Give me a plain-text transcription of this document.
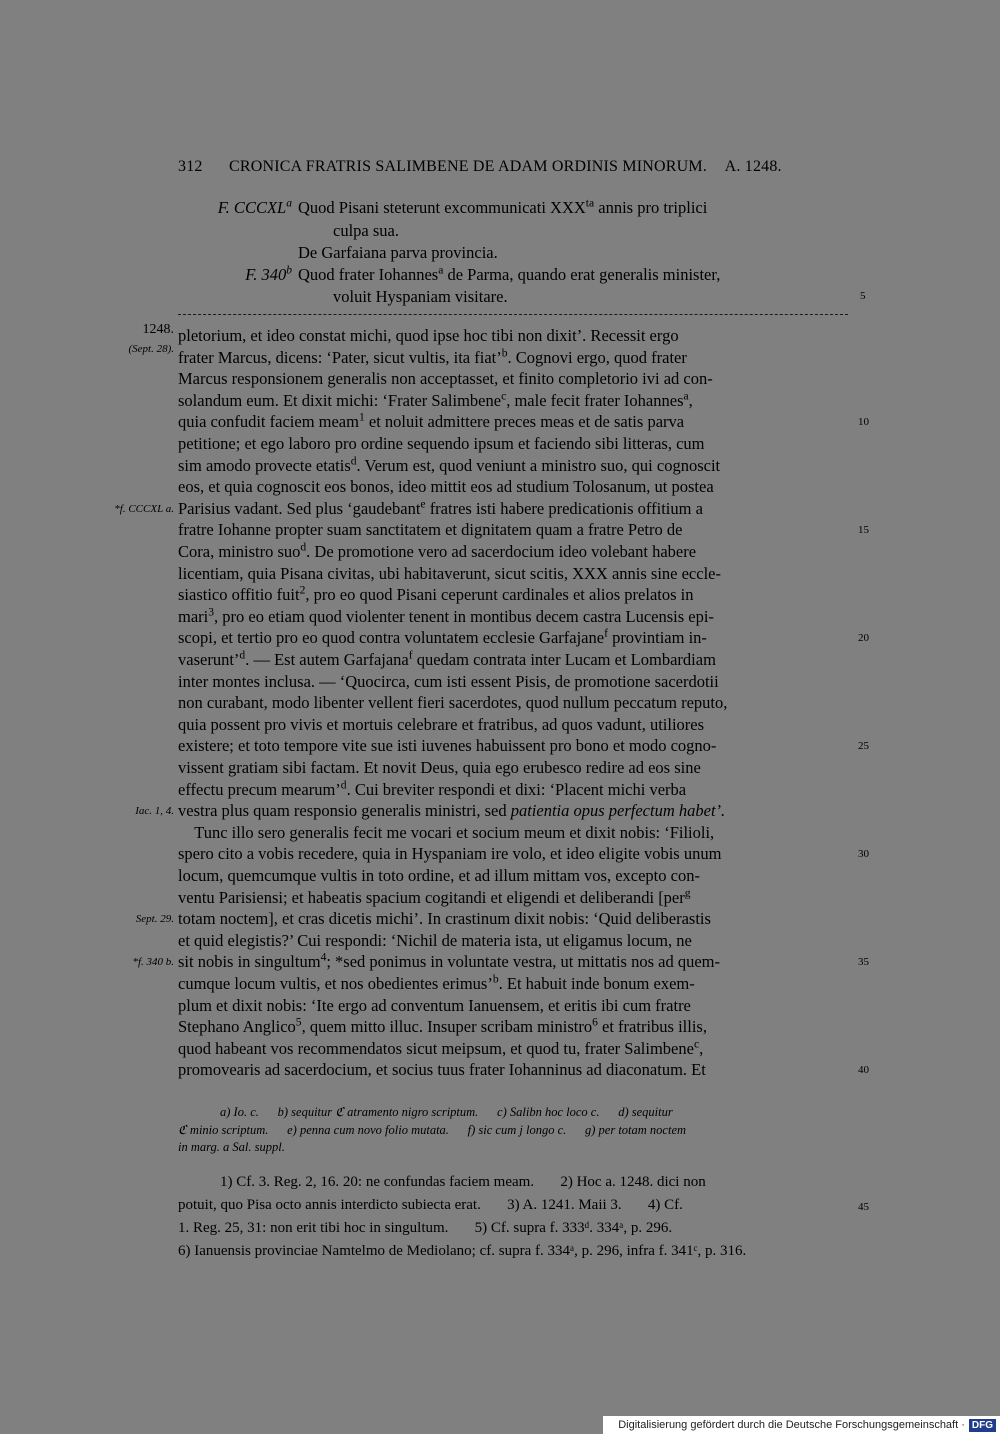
312 CRONICA FRATRIS SALIMBENE DE ADAM ORDINIS MINORUM. A. 1248.
F. CCCXL$^a$ Quod Pisani steterunt excommunicati $XXX^{ta}$ annis pro triplici
culpa sua.
De Garfaiana parva provincia.
F. 340$^b$ Quod frater Iohannes$^a$ de Parma, quando erat generalis minister,
voluit Hyspaniam visitare.	5
1248.
(Sept. 28).
*f. CCCXL a.
Iac. 1, 4.
Sept. 29.
*f. 340 b.
pletorium, et ideo constat michi, quod ipse hoc tibi non dixit’. Recessit ergo
frater Marcus, dicens: ‘Pater, sicut vultis, ita fiat’$^b$. Cognovi ergo, quod frater
Marcus responsionem generalis non acceptasset, et finito completorio ivi ad con-
solandum eum. Et dixit michi: ‘Frater Salimbene$^c$, male fecit frater Iohannes$^a$,
quia confudit faciem meam$^1$ et noluit admittere preces meas et de satis parva	10
petitione; et ego laboro pro ordine sequendo ipsum et faciendo sibi litteras, cum
sim amodo provecte etatis$^d$. Verum est, quod veniunt a ministro suo, qui cognoscit
eos, et quia cognoscit eos bonos, ideo mittit eos ad studium Tolosanum, ut postea
Parisius vadant. Sed plus ‘gaudebant$^e$ fratres isti habere predicationis offitium a
fratre Iohanne propter suam sanctitatem et dignitatem quam a fratre Petro de	15
Cora, ministro suo$^d$. De promotione vero ad sacerdocium ideo volebant habere
licentiam, quia Pisana civitas, ubi habitaverunt, sicut scitis, XXX annis sine eccle-
siastico offitio fuit$^2$, pro eo quod Pisani ceperunt cardinales et alios prelatos in
mari$^3$, pro eo etiam quod violenter tenent in montibus decem castra Lucensis epi-
scopi, et tertio pro eo quod contra voluntatem ecclesie Garfajane$^f$ provintiam in-	20
vaserunt’$^d$. — Est autem Garfajana$^f$ quedam contrata inter Lucam et Lombardiam
inter montes inclusa. — ‘Quocirca, cum isti essent Pisis, de promotione sacerdotii
non curabant, modo libenter vellent fieri sacerdotes, quod nullum peccatum reputo,
quia possent pro vivis et mortuis celebrare et fratribus, ad quos vadunt, utiliores
existere; et toto tempore vite sue isti iuvenes habuissent pro bono et modo cogno-	25
vissent gratiam sibi factam. Et novit Deus, quia ego erubesco redire ad eos sine
effectu precum mearum’$^d$. Cui breviter respondi et dixi: ‘Placent michi verba
vestra plus quam responsio generalis ministri, sed patientia opus perfectum habet’.
Tunc illo sero generalis fecit me vocari et socium meum et dixit nobis: ‘Filioli,
spero cito a vobis recedere, quia in Hyspaniam ire volo, et ideo eligite vobis unum	30
locum, quemcumque vultis in toto ordine, et ad illum mittam vos, excepto con-
ventu Parisiensi; et habeatis spacium cogitandi et eligendi et deliberandi [per$^g$
totam noctem], et cras dicetis michi’. In crastinum dixit nobis: ‘Quid deliberastis
et quid elegistis?’ Cui respondi: ‘Nichil de materia ista, ut eligamus locum, ne
sit nobis in singultum$^4$; *sed ponimus in voluntate vestra, ut mittatis nos ad quem-	35
cumque locum vultis, et nos obedientes erimus’$^b$. Et habuit inde bonum exem-
plum et dixit nobis: ‘Ite ergo ad conventum Ianuensem, et eritis ibi cum fratre
Stephano Anglico$^5$, quem mitto illuc. Insuper scribam ministro$^6$ et fratribus illis,
quod habeant vos recommendatos sicut meipsum, et quod tu, frater Salimbene$^c$,
promovearis ad sacerdocium, et socius tuus frater Iohanninus ad diaconatum. Et	40
a) Io. c.      b) sequitur ℭ atramento nigro scriptum.      c) Salibn hoc loco c.      d) sequitur
ℭ minio scriptum.      e) penna cum novo folio mutata.      f) sic cum j longo c.      g) per totam noctem
in marg. a Sal. suppl.
1) Cf. 3. Reg. 2, 16. 20: ne confundas faciem meam.       2) Hoc a. 1248. dici non
potuit, quo Pisa octo annis interdicto subiecta erat.       3) A. 1241. Maii 3.       4) Cf.	45
1. Reg. 25, 31: non erit tibi hoc in singultum.       5) Cf. supra f. 333ᵈ. 334ᵃ, p. 296.
6) Ianuensis provinciae Namtelmo de Mediolano; cf. supra f. 334ᵃ, p. 296, infra f. 341ᶜ, p. 316.
Digitalisierung gefördert durch die Deutsche Forschungsgemeinschaft · DFG
